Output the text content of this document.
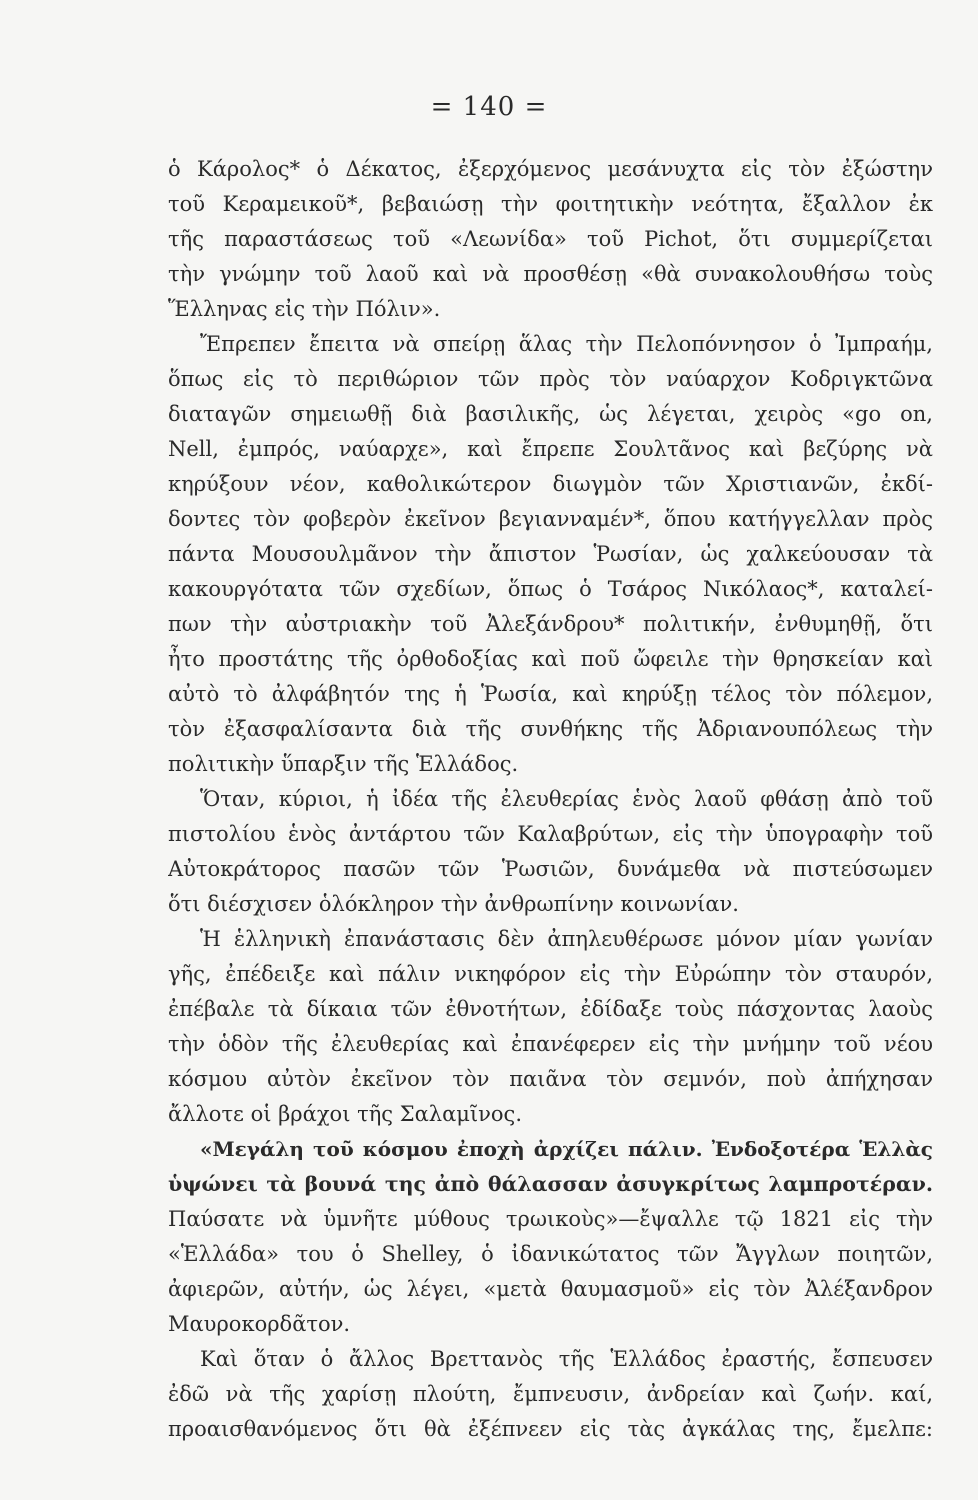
= 140 =
ὁ Κάρολος* ὁ Δέκατος, ἐξερχόμενος μεσάνυχτα εἰς τὸν ἐξώστην
τοῦ Κεραμεικοῦ*, βεβαιώσῃ τὴν φοιτητικὴν νεότητα, ἔξαλλον ἐκ
τῆς παραστάσεως τοῦ «Λεωνίδα» τοῦ Pichot, ὅτι συμμερίζεται
τὴν γνώμην τοῦ λαοῦ καὶ νὰ προσθέσῃ «θὰ συνακολουθήσω τοὺς
Ἕλληνας εἰς τὴν Πόλιν».
Ἔπρεπεν ἔπειτα νὰ σπείρῃ ἅλας τὴν Πελοπόννησον ὁ Ἰμπραήμ,
ὅπως εἰς τὸ περιθώριον τῶν πρὸς τὸν ναύαρχον Κοδριγκτῶνα
διαταγῶν σημειωθῇ διὰ βασιλικῆς, ὡς λέγεται, χειρὸς «go on,
Nell, ἐμπρός, ναύαρχε», καὶ ἔπρεπε Σουλτᾶνος καὶ βεζύρης νὰ
κηρύξουν νέον, καθολικώτερον διωγμὸν τῶν Χριστιανῶν, ἐκδί-
δοντες τὸν φοβερὸν ἐκεῖνον βεγιανναμέν*, ὅπου κατήγγελλαν πρὸς
πάντα Μουσουλμᾶνον τὴν ἄπιστον Ῥωσίαν, ὡς χαλκεύουσαν τὰ
κακουργότατα τῶν σχεδίων, ὅπως ὁ Τσάρος Νικόλαος*, καταλεί-
πων τὴν αὐστριακὴν τοῦ Ἀλεξάνδρου* πολιτικήν, ἐνθυμηθῇ, ὅτι
ἦτο προστάτης τῆς ὀρθοδοξίας καὶ ποῦ ὤφειλε τὴν θρησκείαν καὶ
αὐτὸ τὸ ἀλφάβητόν της ἡ Ῥωσία, καὶ κηρύξῃ τέλος τὸν πόλεμον,
τὸν ἐξασφαλίσαντα διὰ τῆς συνθήκης τῆς Ἀδριανουπόλεως τὴν
πολιτικὴν ὕπαρξιν τῆς Ἑλλάδος.
Ὅταν, κύριοι, ἡ ἰδέα τῆς ἐλευθερίας ἑνὸς λαοῦ φθάσῃ ἀπὸ τοῦ
πιστολίου ἑνὸς ἀντάρτου τῶν Καλαβρύτων, εἰς τὴν ὑπογραφὴν τοῦ
Αὐτοκράτορος πασῶν τῶν Ῥωσιῶν, δυνάμεθα νὰ πιστεύσωμεν
ὅτι διέσχισεν ὁλόκληρον τὴν ἀνθρωπίνην κοινωνίαν.
Ἡ ἑλληνικὴ ἐπανάστασις δὲν ἀπηλευθέρωσε μόνον μίαν γωνίαν
γῆς, ἐπέδειξε καὶ πάλιν νικηφόρον εἰς τὴν Εὐρώπην τὸν σταυρόν,
ἐπέβαλε τὰ δίκαια τῶν ἐθνοτήτων, ἐδίδαξε τοὺς πάσχοντας λαοὺς
τὴν ὁδὸν τῆς ἐλευθερίας καὶ ἐπανέφερεν εἰς τὴν μνήμην τοῦ νέου
κόσμου αὐτὸν ἐκεῖνον τὸν παιᾶνα τὸν σεμνόν, ποὺ ἀπήχησαν
ἄλλοτε οἱ βράχοι τῆς Σαλαμῖνος.
«Μεγάλη τοῦ κόσμου ἐποχὴ ἀρχίζει πάλιν. Ἐνδοξοτέρα Ἑλλὰς
ὑψώνει τὰ βουνά της ἀπὸ θάλασσαν ἀσυγκρίτως λαμπροτέραν.
Παύσατε νὰ ὑμνῆτε μύθους τρωικοὺς»—ἔψαλλε τῷ 1821 εἰς τὴν
«Ἑλλάδα» του ὁ Shelley, ὁ ἰδανικώτατος τῶν Ἄγγλων ποιητῶν,
ἀφιερῶν, αὐτήν, ὡς λέγει, «μετὰ θαυμασμοῦ» εἰς τὸν Ἀλέξανδρον
Μαυροκορδᾶτον.
Καὶ ὅταν ὁ ἄλλος Βρεττανὸς τῆς Ἑλλάδος ἐραστής, ἔσπευσεν
ἐδῶ νὰ τῆς χαρίσῃ πλούτη, ἔμπνευσιν, ἀνδρείαν καὶ ζωήν. καί,
προαισθανόμενος ὅτι θὰ ἐξέπνεεν εἰς τὰς ἀγκάλας της, ἔμελπε:
